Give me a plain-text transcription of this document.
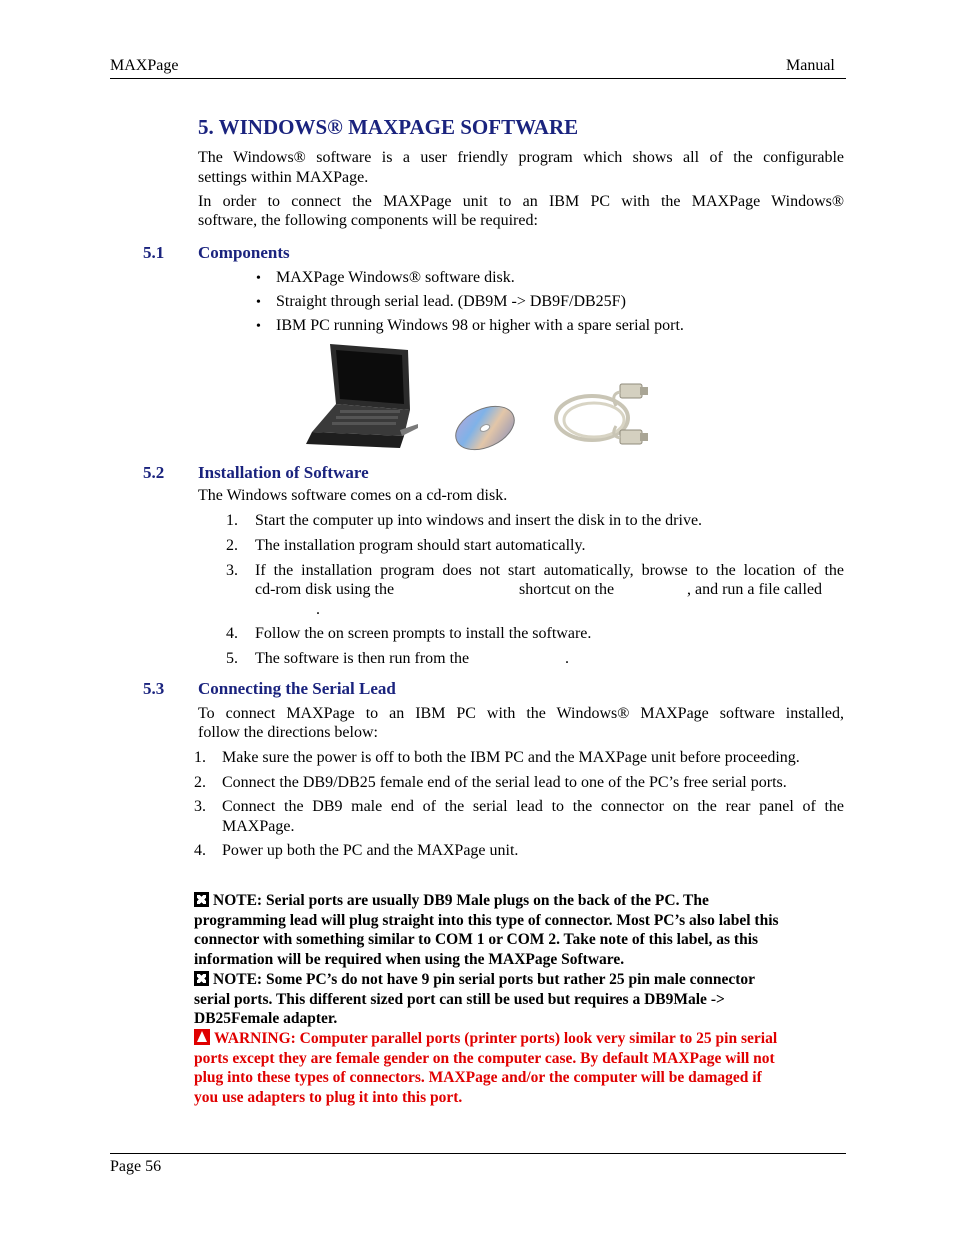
MAXPage	Manual
5. WINDOWS® MAXPAGE SOFTWARE
The Windows® software is a user friendly program which shows all of the configurable
settings within MAXPage.
In order to connect the MAXPage unit to an IBM PC with the MAXPage Windows®
software, the following components will be required:
5.1 Components
• MAXPage Windows® software disk.
• Straight through serial lead. (DB9M -> DB9F/DB25F)
• IBM PC running Windows 98 or higher with a spare serial port.
5.2 Installation of Software
The Windows software comes on a cd-rom disk.
1. Start the computer up into windows and insert the disk in to the drive.
2. The installation program should start automatically.
3. If the installation program does not start automatically, browse to the location of the
cd-rom disk using the	shortcut on the	, and run a file called
.
4. Follow the on screen prompts to install the software.
5. The software is then run from the	.
5.3 Connecting the Serial Lead
To connect MAXPage to an IBM PC with the Windows® MAXPage software installed,
follow the directions below:
1. Make sure the power is off to both the IBM PC and the MAXPage unit before proceeding.
2. Connect the DB9/DB25 female end of the serial lead to one of the PC’s free serial ports.
3. Connect the DB9 male end of the serial lead to the connector on the rear panel of the
MAXPage.
4. Power up both the PC and the MAXPage unit.
NOTE: Serial ports are usually DB9 Male plugs on the back of the PC. The
programming lead will plug straight into this type of connector. Most PC’s also label this
connector with something similar to COM 1 or COM 2. Take note of this label, as this
information will be required when using the MAXPage Software.
NOTE: Some PC’s do not have 9 pin serial ports but rather 25 pin male connector
serial ports. This different sized port can still be used but requires a DB9Male ->
DB25Female adapter.
WARNING: Computer parallel ports (printer ports) look very similar to 25 pin serial
ports except they are female gender on the computer case. By default MAXPage will not
plug into these types of connectors. MAXPage and/or the computer will be damaged if
you use adapters to plug it into this port.
Page 56
